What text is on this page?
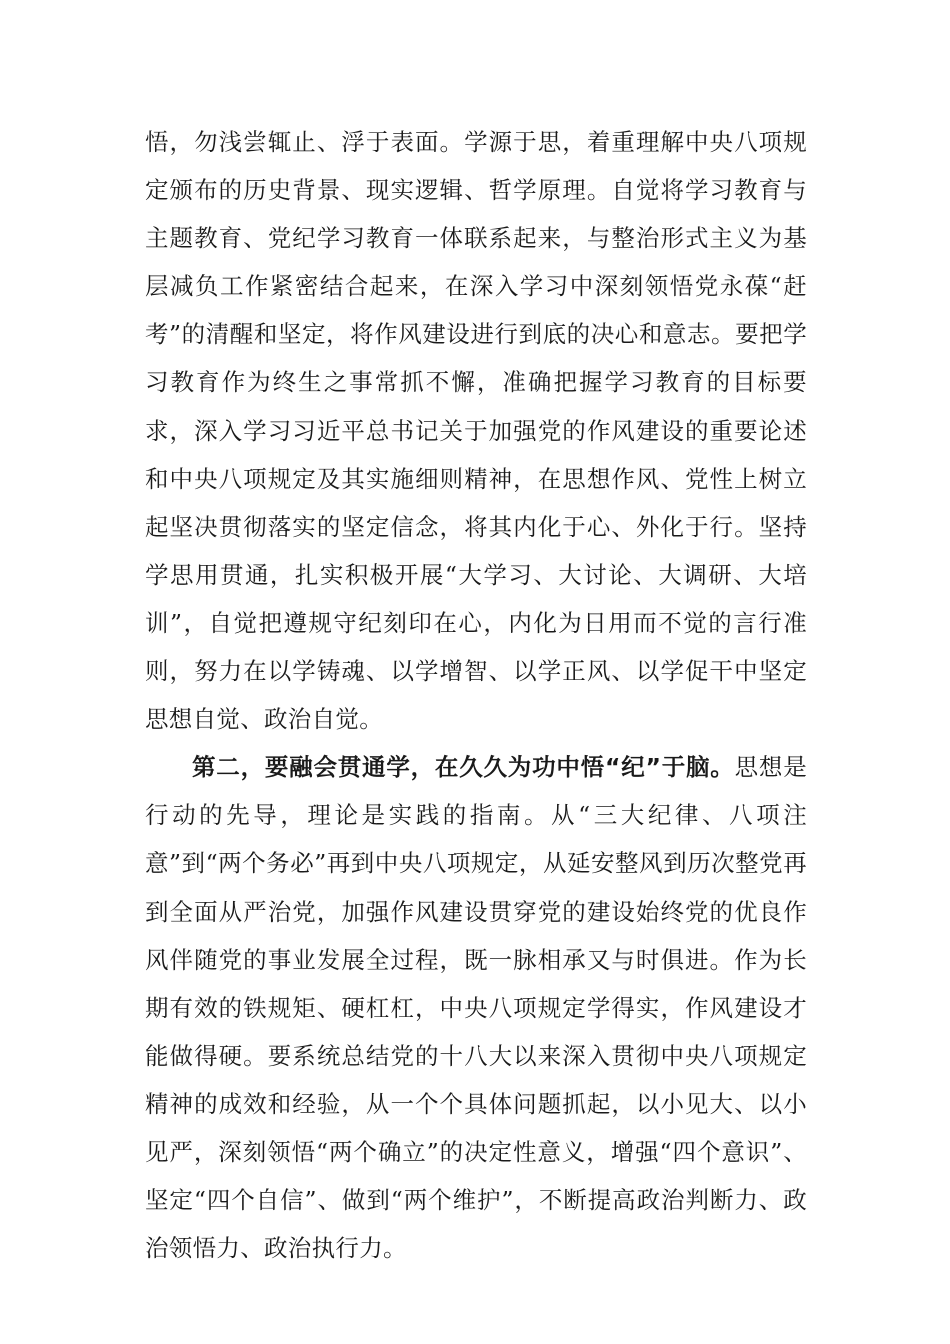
悟，勿浅尝辄止、浮于表面。学源于思，着重理解中央八项规定颁布的历史背景、现实逻辑、哲学原理。自觉将学习教育与主题教育、党纪学习教育一体联系起来，与整治形式主义为基层减负工作紧密结合起来，在深入学习中深刻领悟党永葆“赶考”的清醒和坚定，将作风建设进行到底的决心和意志。要把学习教育作为终生之事常抓不懈，准确把握学习教育的目标要求，深入学习习近平总书记关于加强党的作风建设的重要论述和中央八项规定及其实施细则精神，在思想作风、党性上树立起坚决贯彻落实的坚定信念，将其内化于心、外化于行。坚持学思用贯通，扎实积极开展“大学习、大讨论、大调研、大培训”，自觉把遵规守纪刻印在心，内化为日用而不觉的言行准则，努力在以学铸魂、以学增智、以学正风、以学促干中坚定思想自觉、政治自觉。

第二，要融会贯通学，在久久为功中悟“纪”于脑。思想是行动的先导，理论是实践的指南。从“三大纪律、八项注意”到“两个务必”再到中央八项规定，从延安整风到历次整党再到全面从严治党，加强作风建设贯穿党的建设始终党的优良作风伴随党的事业发展全过程，既一脉相承又与时俱进。作为长期有效的铁规矩、硬杠杠，中央八项规定学得实，作风建设才能做得硬。要系统总结党的十八大以来深入贯彻中央八项规定精神的成效和经验，从一个个具体问题抓起，以小见大、以小见严，深刻领悟“两个确立”的决定性意义，增强“四个意识”、坚定“四个自信”、做到“两个维护”，不断提高政治判断力、政治领悟力、政治执行力。
